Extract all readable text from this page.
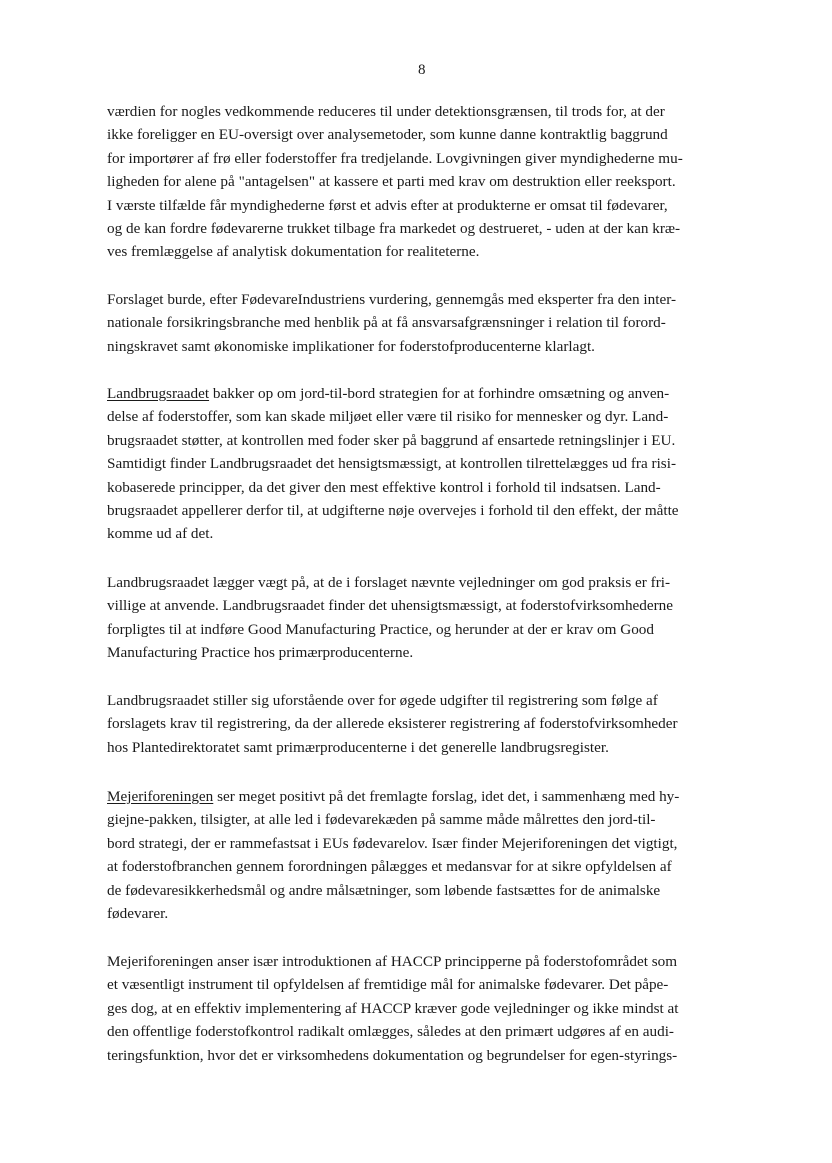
8
værdien for nogles vedkommende reduceres til under detektionsgrænsen, til trods for, at der
ikke foreligger en EU-oversigt over analysemetoder, som kunne danne kontraktlig baggrund
for importører af frø eller foderstoffer fra tredjelande. Lovgivningen giver myndighederne mu-
ligheden for alene på "antagelsen" at kassere et parti med krav om destruktion eller reeksport.
I værste tilfælde får myndighederne først et advis efter at produkterne er omsat til fødevarer,
og de kan fordre fødevarerne trukket tilbage fra markedet og destrueret, - uden at der kan kræ-
ves fremlæggelse af analytisk dokumentation for realiteterne.
Forslaget burde, efter FødevareIndustriens vurdering, gennemgås med eksperter fra den inter-
nationale forsikringsbranche med henblik på at få ansvarsafgrænsninger i relation til forord-
ningskravet samt økonomiske implikationer for foderstofproducenterne klarlagt.
Landbrugsraadet bakker op om jord-til-bord strategien for at forhindre omsætning og anven-
delse af foderstoffer, som kan skade miljøet eller være til risiko for mennesker og dyr. Land-
brugsraadet støtter, at kontrollen med foder sker på baggrund af ensartede retningslinjer i EU.
Samtidigt finder Landbrugsraadet det hensigtsmæssigt, at kontrollen tilrettelægges ud fra risi-
kobaserede principper, da det giver den mest effektive kontrol i forhold til indsatsen. Land-
brugsraadet appellerer derfor til, at udgifterne nøje overvejes i forhold til den effekt, der måtte
komme ud af det.
Landbrugsraadet lægger vægt på, at de i forslaget nævnte vejledninger om god praksis er fri-
villige at anvende. Landbrugsraadet finder det uhensigtsmæssigt, at foderstofvirksomhederne
forpligtes til at indføre Good Manufacturing Practice, og herunder at der er krav om Good
Manufacturing Practice hos primærproducenterne.
Landbrugsraadet stiller sig uforstående over for øgede udgifter til registrering som følge af
forslagets krav til registrering, da der allerede eksisterer registrering af foderstofvirksomheder
hos Plantedirektoratet samt primærproducenterne i det generelle landbrugsregister.
Mejeriforeningen ser meget positivt på det fremlagte forslag, idet det, i sammenhæng med hy-
giejne-pakken, tilsigter, at alle led i fødevarekæden på samme måde målrettes den jord-til-
bord strategi, der er rammefastsat i EUs fødevarelov. Især finder Mejeriforeningen det vigtigt,
at foderstofbranchen gennem forordningen pålægges et medansvar for at sikre opfyldelsen af
de fødevaresikkerhedsmål og andre målsætninger, som løbende fastsættes for de animalske
fødevarer.
Mejeriforeningen anser især introduktionen af HACCP principperne på foderstofområdet som
et væsentligt instrument til opfyldelsen af fremtidige mål for animalske fødevarer. Det påpe-
ges dog, at en effektiv implementering af HACCP kræver gode vejledninger og ikke mindst at
den offentlige foderstofkontrol radikalt omlægges, således at den primært udgøres af en audi-
teringsfunktion, hvor det er virksomhedens dokumentation og begrundelser for egen-styrings-
